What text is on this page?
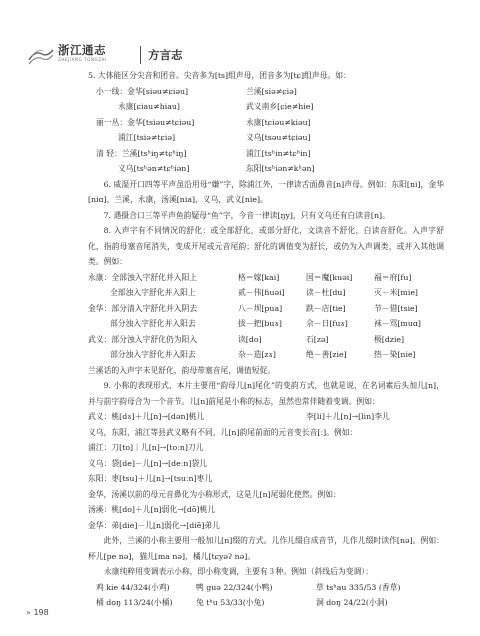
浙江通志
ZHEJIANG TONGZHI	方言志
5. 大体能区分尖音和团音。尖音多为[ts]组声母，团音多为[tɕ]组声母。如：
小一线：金华[siəu≠ɕiəu]	兰溪[siə≠ɕiə]
永康[ɕiau≠hiau]	武义南乡[ɕie≠hie]
丽一丛：金华[tsiəu≠tɕiəu]	永康[tɕiəu≠kiəu]
浦江[tsiə≠tɕiə]	义乌[tsəu≠tɕiəu]
清 轻：兰溪[tsʰiŋ≠tɕʰiŋ]	浦江[tsʰin≠tɕʰin]
义乌[tsʰən≠tɕʰiən]	东阳[tsʰiən≠kʰən]
6. 威湿开口四等平声虽沿用母“嫌”字，除浦江外，一律读舌面鼻音[n]声母。例如：东阳[ni]，金华[niɑ]，兰溪，永康，汤溪[nia]，义乌，武义[nie]。
7. 遇摄合口三等平声鱼韵疑母“鱼”字，今音一律读[ŋy]，只有义乌还有白读音[n]。
8. 入声字有不同情况的舒化：或全部舒化，或部分舒化，文读音不舒化，白读音舒化。入声字舒化，指韵母塞音尾消失，变成开尾或元音尾韵；舒化的调值变为舒长，或仍为入声调类，或并入其他调类。例如：
永康：全部浊入字舒化并入阳上	格＝嫁[kai]	国＝魔[kuəi]	福＝府[fu]
全部浊入字舒化并入阳上	贰－伟[ɦuəi]	读－杜[du]	灭－米[mie]
金华：部分清入字舒化并入阴去	八－坝[pua]	跌－店[tie]	节－借[tsie]
部分浊入字舒化并入阳去	拔－把[buɤ]	佘－日[fuɤ]	袜－骂[muɑ]
武义：部分浊入字舒化仍为阳入	读[do]	石[zə]	极[dzie]
部分浊入字舒化并入阳去	杂－造[zɤ]	绝－善[zie]	热－染[nie]
兰溪话的入声字未见舒化，韵母带塞音尾，调值短促。
9. 小称的表现形式，本片主要用“韵母儿[n]尾化”的变韵方式，也就是说，在名词素后头加儿[n]，并与前字韵母合为一个音节。儿[n]前尾是小称的标志，虽然也常伴随着变调。例如：
武义：桃[dɤ]＋儿[n]→[dən]桃儿	李[li]＋儿[n]→[lin]李儿
义乌，东阳，浦江等县武义略有不同，儿[n]韵尾前面的元音变长音[ː]。例如：
浦江：刀[to]｜儿[n]→[toːn]刀儿
义乌：袋[de]－儿[n]→[deːn]袋儿
东阳：枣[tsu]＋儿[n]→[tsuːn]枣儿
金华，汤溪以前的母元音鼻化为小称形式，这是儿[n]尾弱化使然。例如：
汤溪：桃[do]＋儿[n]弱化→[dõ]桃儿
金华：弟[die]－儿[n]弱化→[diẽ]弟儿
此外，兰溪的小称主要用一般加儿[n]缀的方式。儿作儿缀自成音节，儿作儿缀时读作[nə]。例如：杯儿[pe nə]，猫儿[ma nə]，橘儿[tɕyəʔ nə]。
永康纯粹用变调表示小称，即小称变调，主要有３种。例如（斜线后为变调）：
鸡 kie 44/324(小鸡)	鸭 guə 22/324(小鸭)	草 tsʰau 335/53 (香草)
桶 doŋ 113/24(小桶)	兔 tʰu 53/33(小兔)	洞 doŋ 24/22(小洞)
» 198
